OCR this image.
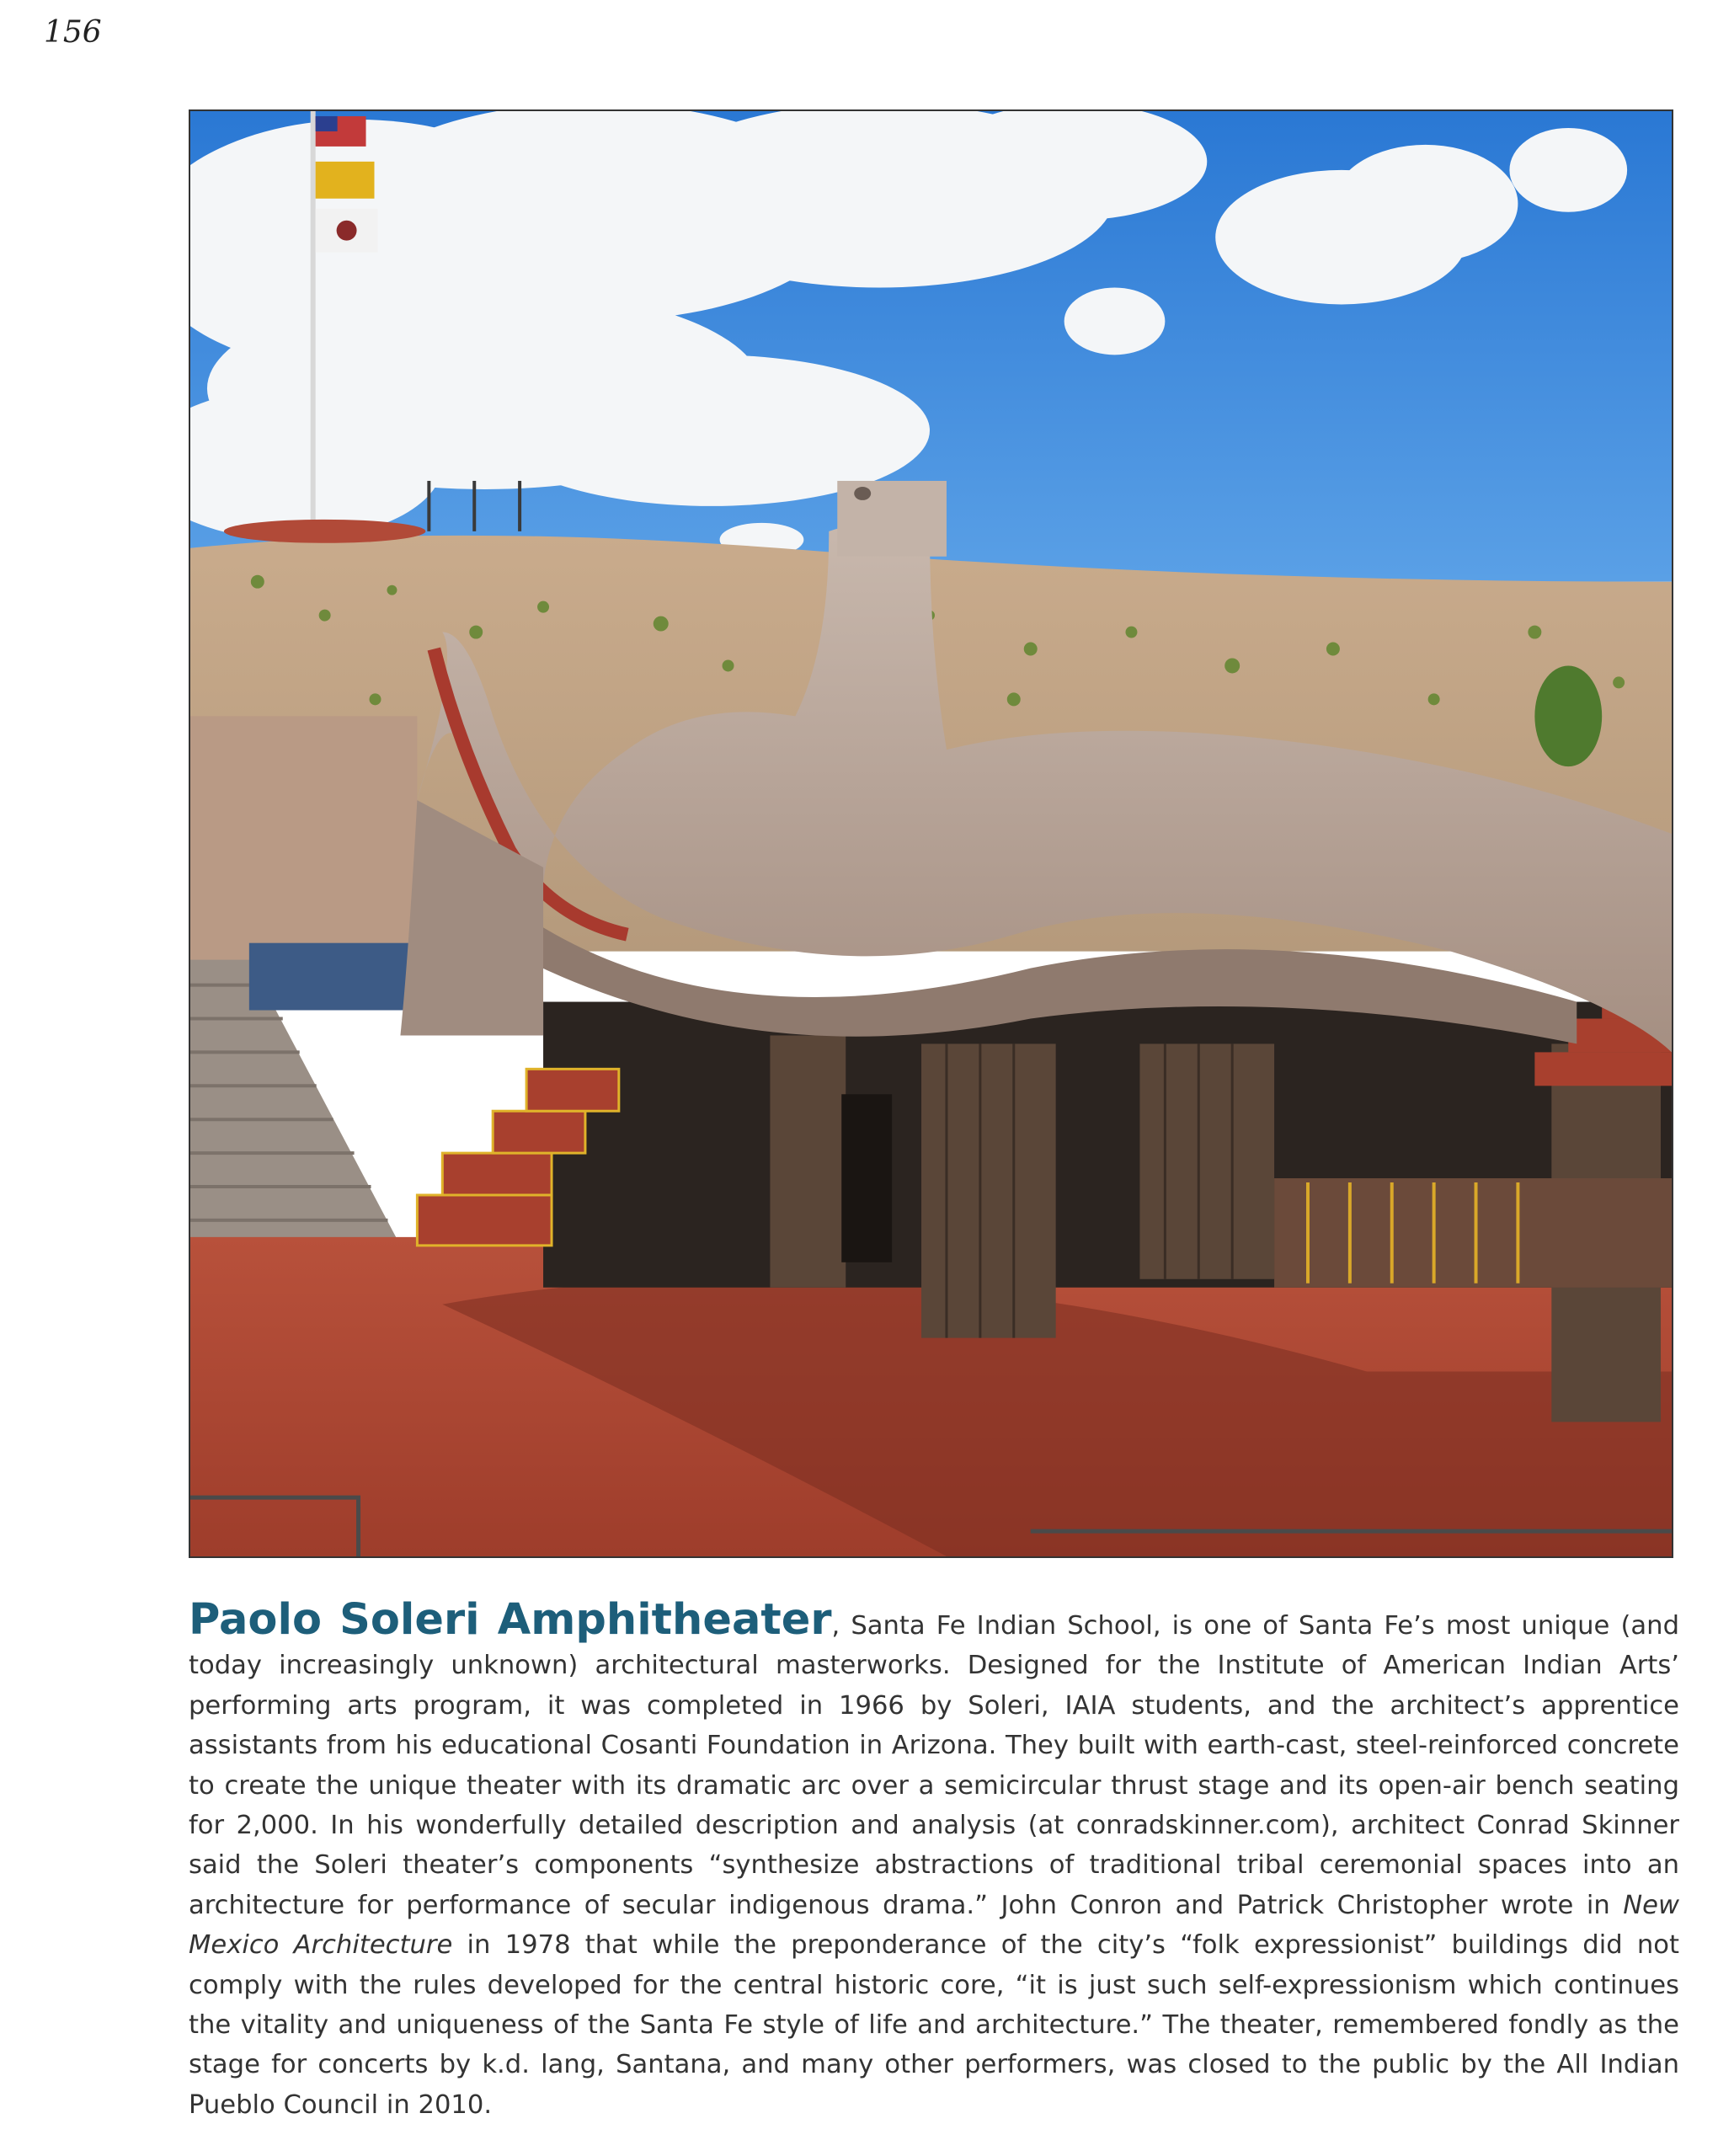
156
Paolo Soleri Amphitheater, Santa Fe Indian School, is one of Santa Fe’s most unique (and today increasingly unknown) architectural masterworks. Designed for the Institute of American Indian Arts’ performing arts program, it was completed in 1966 by Soleri, IAIA students, and the architect’s apprentice assistants from his educational Cosanti Foundation in Arizona. They built with earth-cast, steel-reinforced concrete to create the unique theater with its dramatic arc over a semicircular thrust stage and its open-air bench seating for 2,000. In his wonderfully detailed description and analysis (at conradskinner.com), architect Conrad Skinner said the Soleri theater’s components “synthesize abstractions of traditional tribal ceremonial spaces into an architecture for performance of secular indigenous drama.” John Conron and Patrick Christopher wrote in New Mexico Architecture in 1978 that while the preponderance of the city’s “folk expressionist” buildings did not comply with the rules developed for the central historic core, “it is just such self-expressionism which continues the vitality and uniqueness of the Santa Fe style of life and architecture.” The theater, remembered fondly as the stage for concerts by k.d. lang, Santana, and many other performers, was closed to the public by the All Indian Pueblo Council in 2010.
